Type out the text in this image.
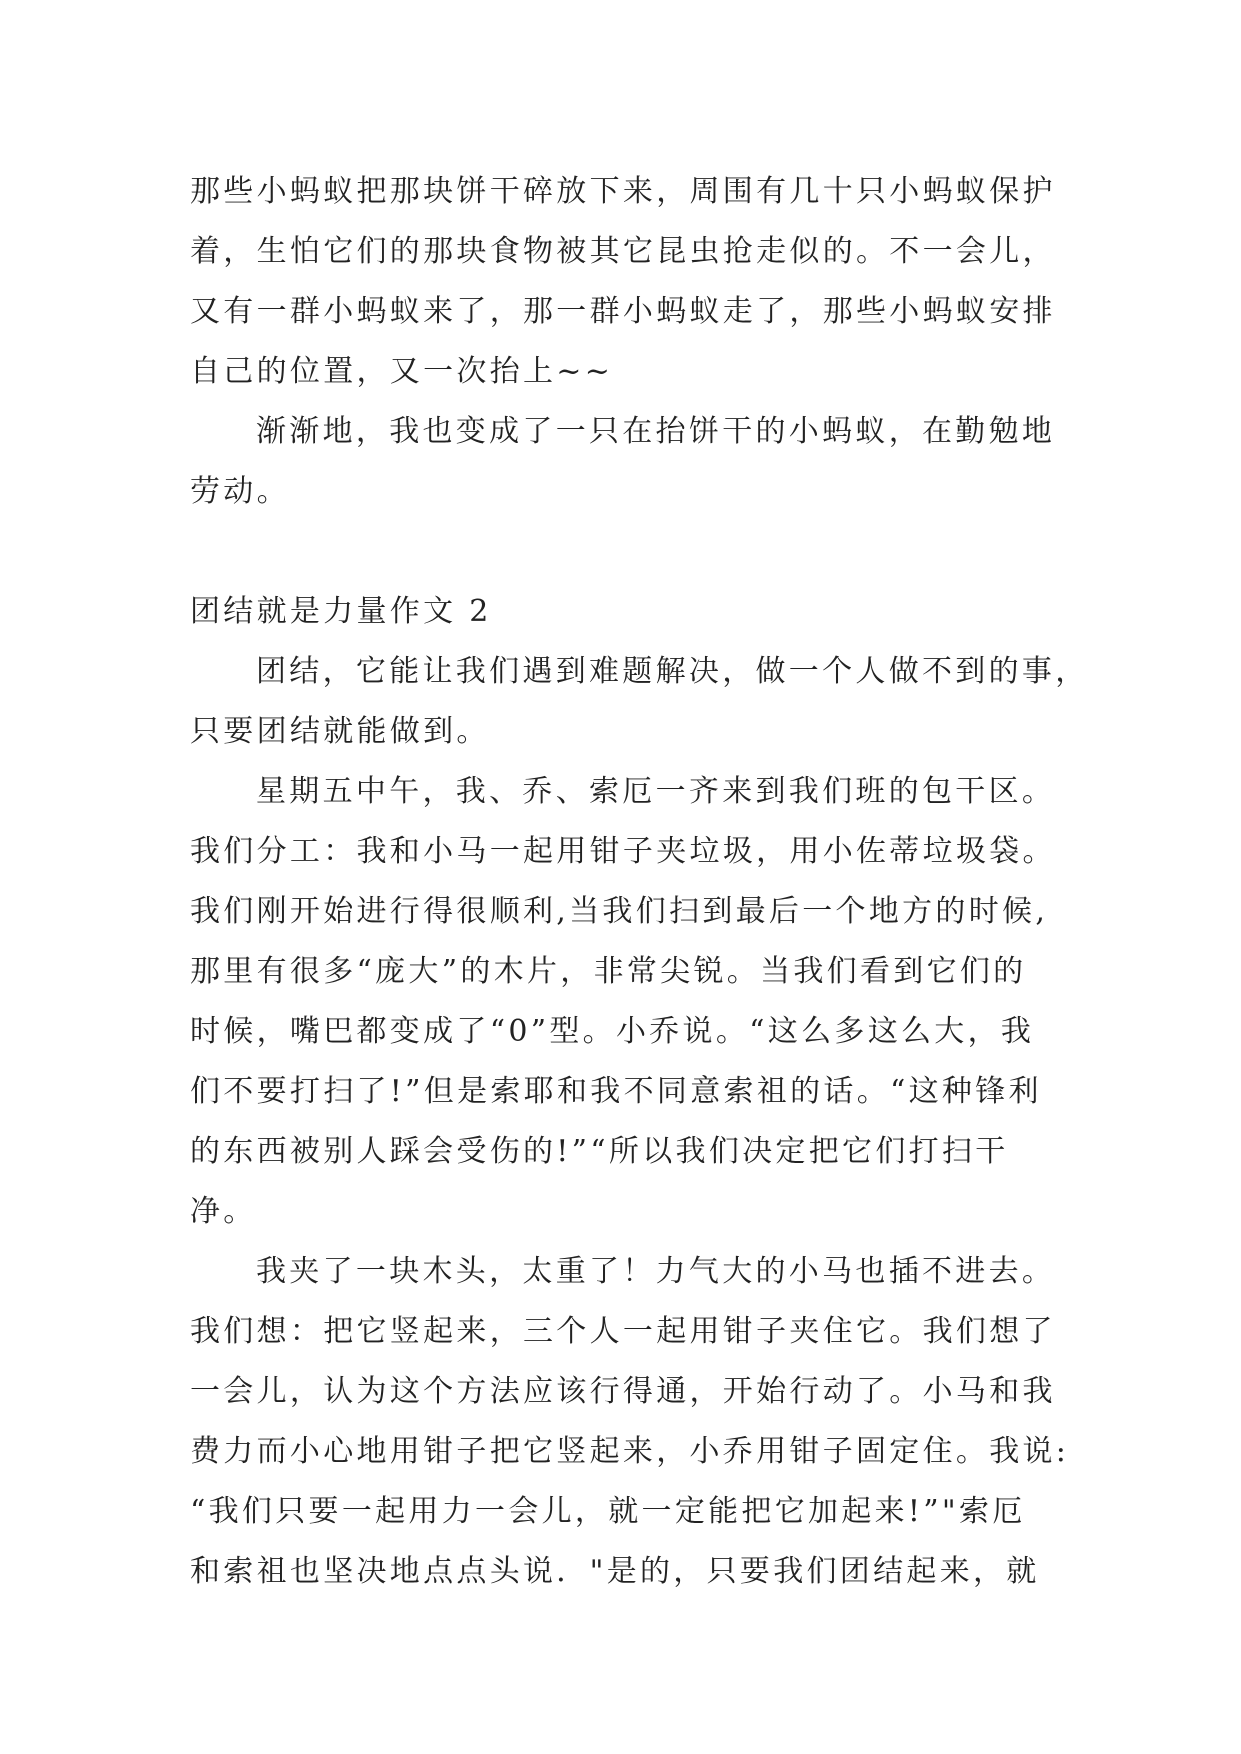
那些小蚂蚁把那块饼干碎放下来，周围有几十只小蚂蚁保护
着，生怕它们的那块食物被其它昆虫抢走似的。不一会儿，
又有一群小蚂蚁来了，那一群小蚂蚁走了，那些小蚂蚁安排
自己的位置，又一次抬上~~
渐渐地，我也变成了一只在抬饼干的小蚂蚁，在勤勉地
劳动。
团结就是力量作文 2
团结，它能让我们遇到难题解决，做一个人做不到的事，
只要团结就能做到。
星期五中午，我、乔、索厄一齐来到我们班的包干区。
我们分工：我和小马一起用钳子夹垃圾，用小佐蒂垃圾袋。
我们刚开始进行得很顺利,当我们扫到最后一个地方的时候,
那里有很多“庞大”的木片，非常尖锐。当我们看到它们的
时候，嘴巴都变成了“0”型。小乔说。“这么多这么大，我
们不要打扫了!”但是索耶和我不同意索祖的话。“这种锋利
的东西被别人踩会受伤的!”“所以我们决定把它们打扫干
净。
我夹了一块木头，太重了！力气大的小马也插不进去。
我们想：把它竖起来，三个人一起用钳子夹住它。我们想了
一会儿，认为这个方法应该行得通，开始行动了。小马和我
费力而小心地用钳子把它竖起来，小乔用钳子固定住。我说:
“我们只要一起用力一会儿，就一定能把它加起来!”"索厄
和索祖也坚决地点点头说．"是的，只要我们团结起来，就
